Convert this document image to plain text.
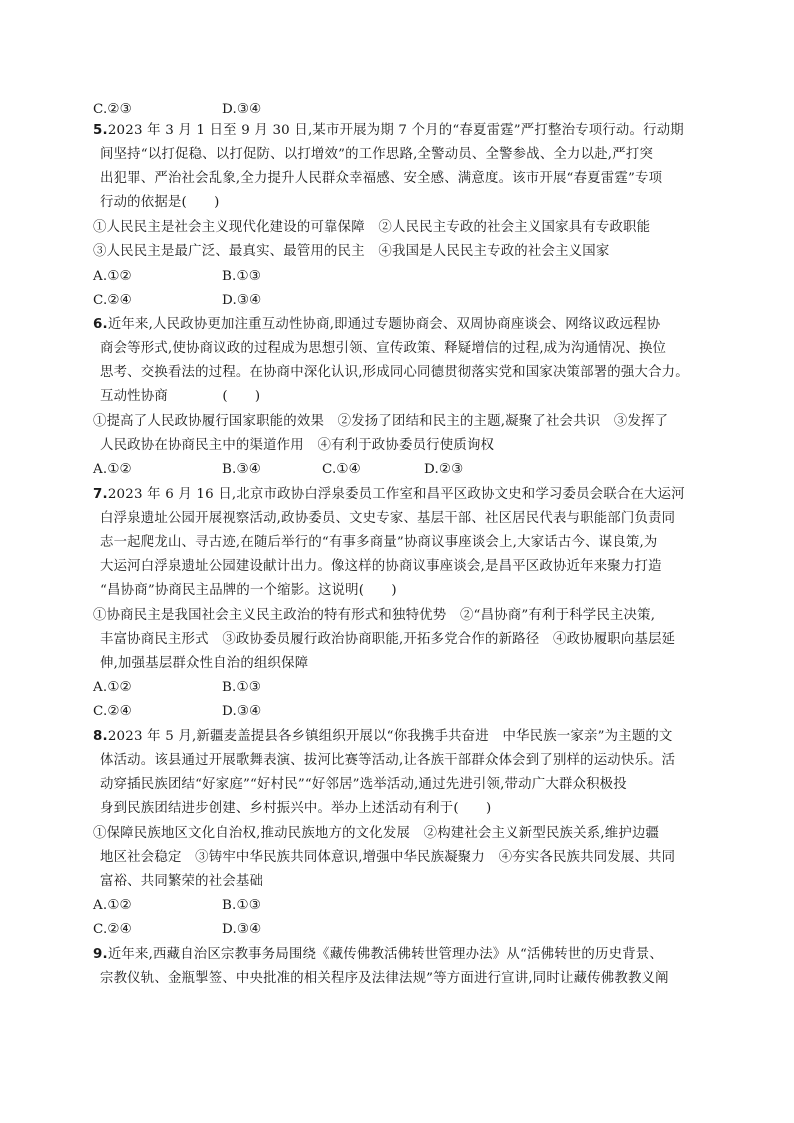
C.②③	D.③④
5.2023 年 3 月 1 日至 9 月 30 日,某市开展为期 7 个月的“春夏雷霆”严打整治专项行动。行动期
间坚持“以打促稳、以打促防、以打增效”的工作思路,全警动员、全警参战、全力以赴,严打突
出犯罪、严治社会乱象,全力提升人民群众幸福感、安全感、满意度。该市开展“春夏雷霆”专项
行动的依据是(　　)
①人民民主是社会主义现代化建设的可靠保障　②人民民主专政的社会主义国家具有专政职能
③人民民主是最广泛、最真实、最管用的民主　④我国是人民民主专政的社会主义国家
A.①②	B.①③
C.②④	D.③④
6.近年来,人民政协更加注重互动性协商,即通过专题协商会、双周协商座谈会、网络议政远程协
商会等形式,使协商议政的过程成为思想引领、宣传政策、释疑增信的过程,成为沟通情况、换位
思考、交换看法的过程。在协商中深化认识,形成同心同德贯彻落实党和国家决策部署的强大合力。
互动性协商　　　　(　　)
①提高了人民政协履行国家职能的效果　②发扬了团结和民主的主题,凝聚了社会共识　③发挥了
人民政协在协商民主中的渠道作用　④有利于政协委员行使质询权
A.①②	B.③④	C.①④	D.②③
7.2023 年 6 月 16 日,北京市政协白浮泉委员工作室和昌平区政协文史和学习委员会联合在大运河
白浮泉遗址公园开展视察活动,政协委员、文史专家、基层干部、社区居民代表与职能部门负责同
志一起爬龙山、寻古迹,在随后举行的“有事多商量”协商议事座谈会上,大家话古今、谋良策,为
大运河白浮泉遗址公园建设献计出力。像这样的协商议事座谈会,是昌平区政协近年来聚力打造
“昌协商”协商民主品牌的一个缩影。这说明(　　)
①协商民主是我国社会主义民主政治的特有形式和独特优势　②“昌协商”有利于科学民主决策,
丰富协商民主形式　③政协委员履行政治协商职能,开拓多党合作的新路径　④政协履职向基层延
伸,加强基层群众性自治的组织保障
A.①②	B.①③
C.②④	D.③④
8.2023 年 5 月,新疆麦盖提县各乡镇组织开展以“你我携手共奋进　中华民族一家亲”为主题的文
体活动。该县通过开展歌舞表演、拔河比赛等活动,让各族干部群众体会到了别样的运动快乐。活
动穿插民族团结“好家庭”“好村民”“好邻居”选举活动,通过先进引领,带动广大群众积极投
身到民族团结进步创建、乡村振兴中。举办上述活动有利于(　　)
①保障民族地区文化自治权,推动民族地方的文化发展　②构建社会主义新型民族关系,维护边疆
地区社会稳定　③铸牢中华民族共同体意识,增强中华民族凝聚力　④夯实各民族共同发展、共同
富裕、共同繁荣的社会基础
A.①②	B.①③
C.②④	D.③④
9.近年来,西藏自治区宗教事务局围绕《藏传佛教活佛转世管理办法》从“活佛转世的历史背景、
宗教仪轨、金瓶掣签、中央批准的相关程序及法律法规”等方面进行宣讲,同时让藏传佛教教义阐
